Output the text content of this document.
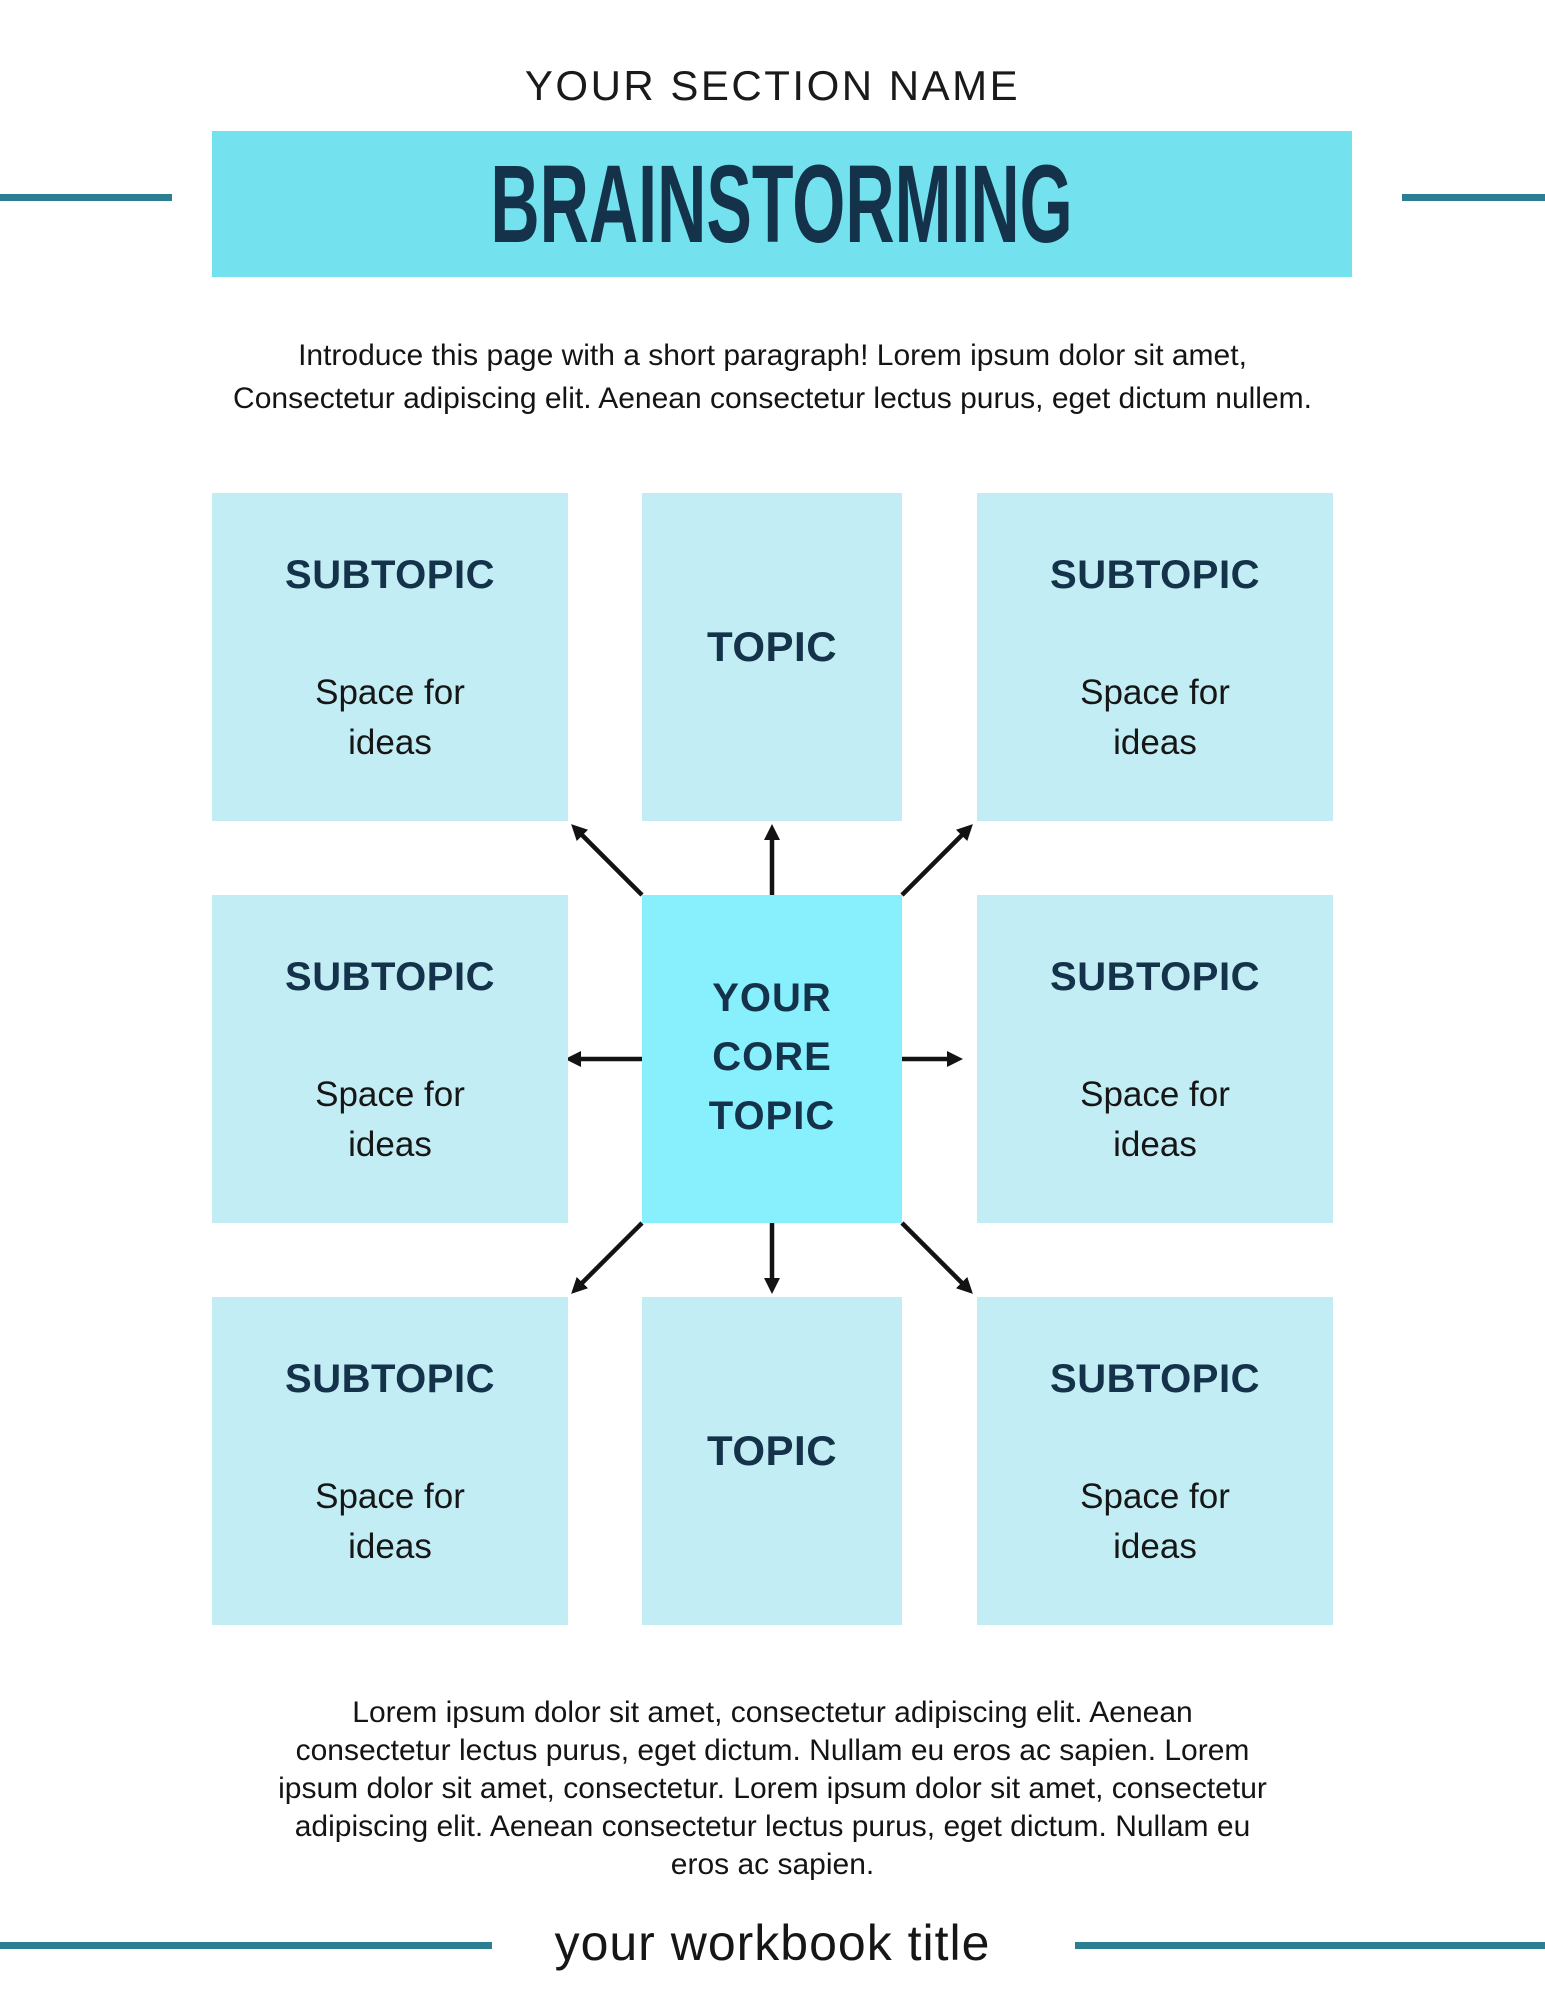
YOUR SECTION NAME
BRAINSTORMING
Introduce this page with a short paragraph! Lorem ipsum dolor sit amet,
Consectetur adipiscing elit. Aenean consectetur lectus purus, eget dictum nullem.
SUBTOPIC
Space for
ideas
TOPIC
SUBTOPIC
Space for
ideas
SUBTOPIC
Space for
ideas
YOUR
CORE
TOPIC
SUBTOPIC
Space for
ideas
SUBTOPIC
Space for
ideas
TOPIC
SUBTOPIC
Space for
ideas
Lorem ipsum dolor sit amet, consectetur adipiscing elit. Aenean
consectetur lectus purus, eget dictum. Nullam eu eros ac sapien. Lorem
ipsum dolor sit amet, consectetur. Lorem ipsum dolor sit amet, consectetur
adipiscing elit. Aenean consectetur lectus purus, eget dictum. Nullam eu
eros ac sapien.
your workbook title
